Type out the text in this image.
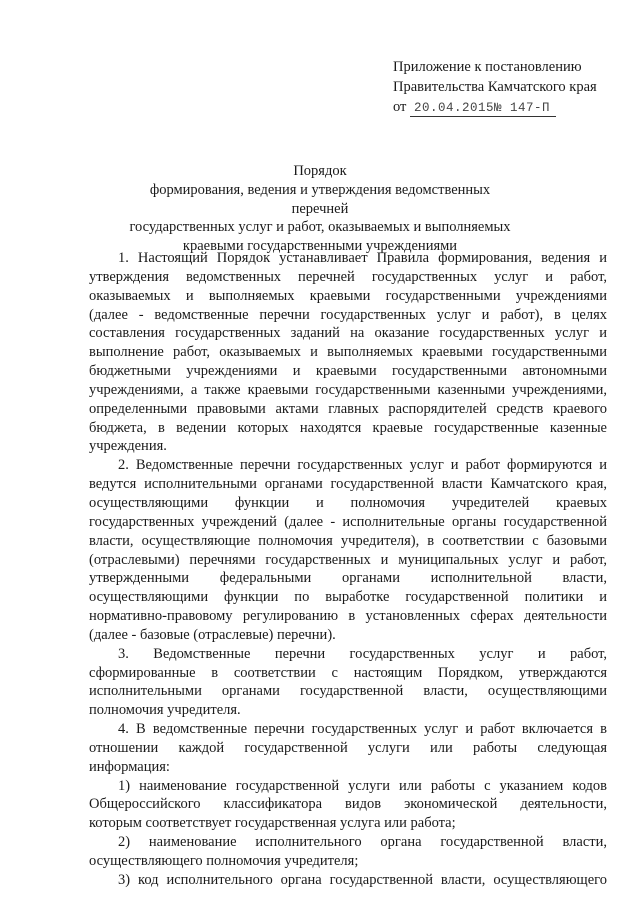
Приложение к постановлению
Правительства Камчатского края
от 20.04.2015№ 147-П
Порядок
формирования, ведения и утверждения ведомственных перечней
государственных услуг и работ, оказываемых и выполняемых
краевыми государственными учреждениями
1. Настоящий Порядок устанавливает Правила формирования, ведения и
утверждения ведомственных перечней государственных услуг и работ,
оказываемых и выполняемых краевыми государственными учреждениями
(далее - ведомственные перечни государственных услуг и работ), в целях
составления государственных заданий на оказание государственных услуг и
выполнение работ, оказываемых и выполняемых краевыми государственными
бюджетными учреждениями и краевыми государственными автономными
учреждениями, а также краевыми государственными казенными учреждениями,
определенными правовыми актами главных распорядителей средств краевого
бюджета, в ведении которых находятся краевые государственные казенные
учреждения.
2. Ведомственные перечни государственных услуг и работ формируются и
ведутся исполнительными органами государственной власти Камчатского края,
осуществляющими функции и полномочия учредителей краевых
государственных учреждений (далее - исполнительные органы государственной
власти, осуществляющие полномочия учредителя), в соответствии с базовыми
(отраслевыми) перечнями государственных и муниципальных услуг и работ,
утвержденными федеральными органами исполнительной власти,
осуществляющими функции по выработке государственной политики и
нормативно-правовому регулированию в установленных сферах деятельности
(далее - базовые (отраслевые) перечни).
3. Ведомственные перечни государственных услуг и работ,
сформированные в соответствии с настоящим Порядком, утверждаются
исполнительными органами государственной власти, осуществляющими
полномочия учредителя.
4. В ведомственные перечни государственных услуг и работ включается в
отношении каждой государственной услуги или работы следующая
информация:
1) наименование государственной услуги или работы с указанием кодов
Общероссийского классификатора видов экономической деятельности,
которым соответствует государственная услуга или работа;
2) наименование исполнительного органа государственной власти,
осуществляющего полномочия учредителя;
3) код исполнительного органа государственной власти, осуществляющего
